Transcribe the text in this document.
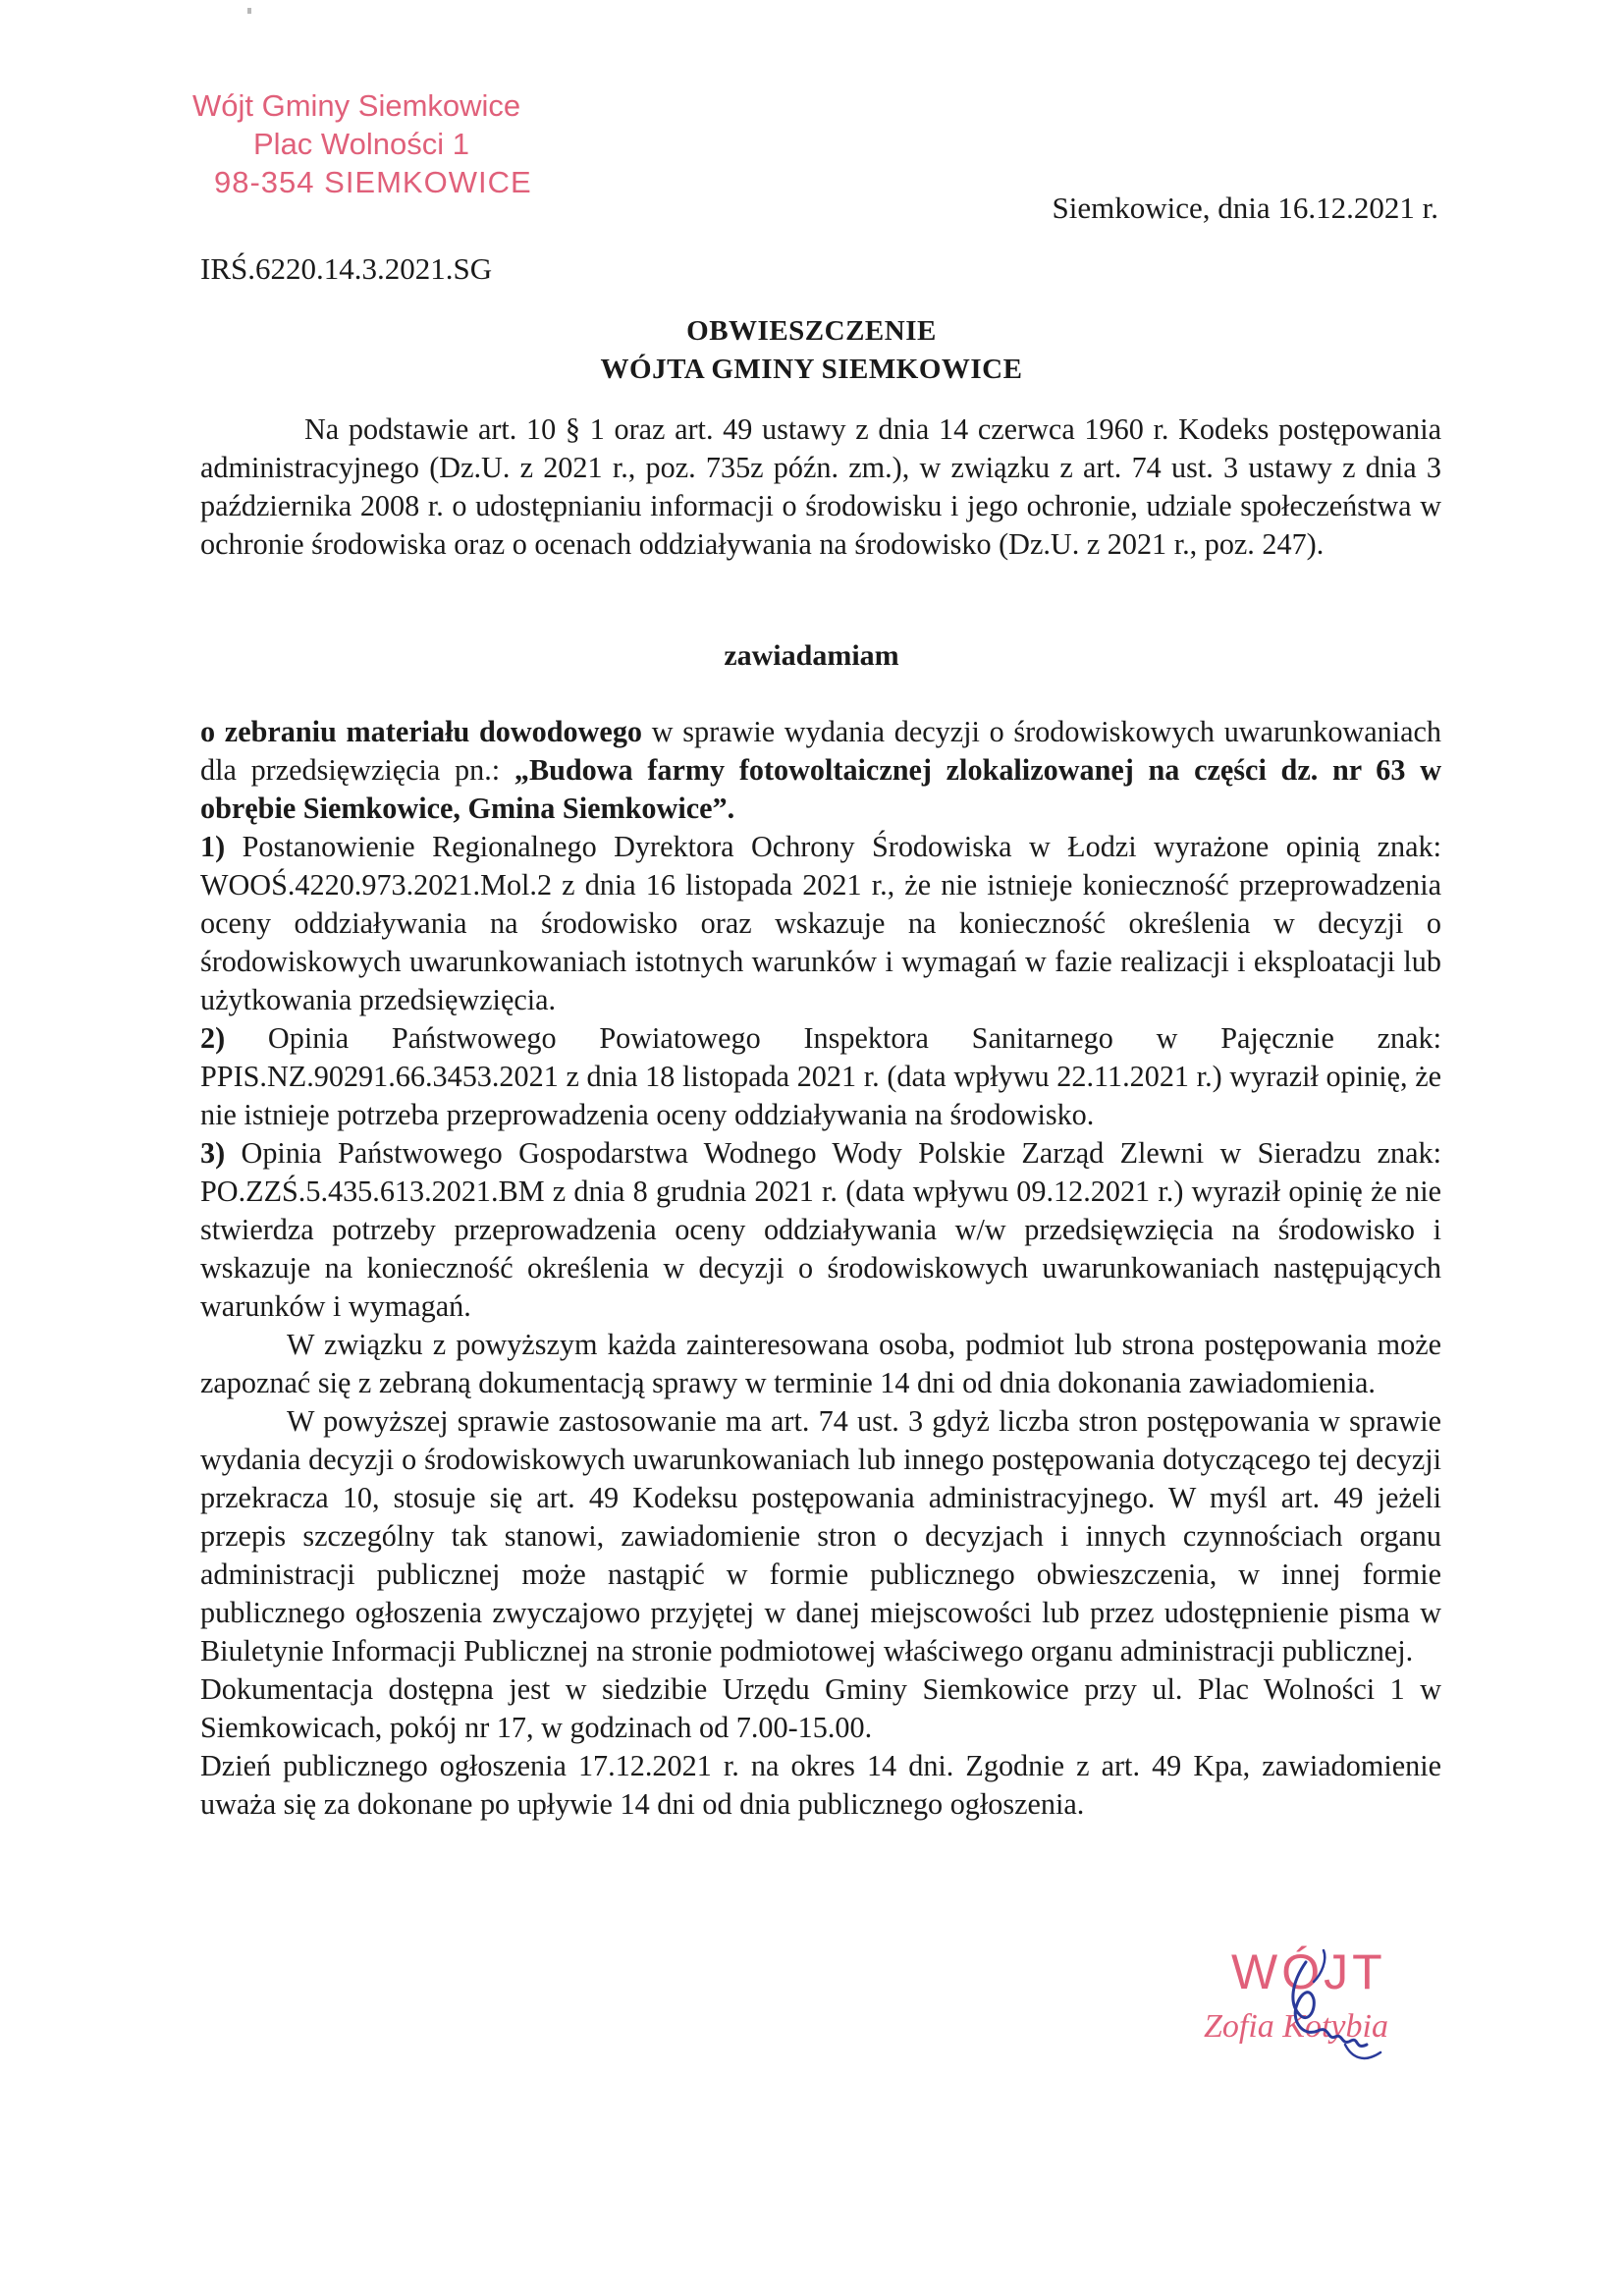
Wójt Gminy Siemkowice
Plac Wolności 1
98-354 SIEMKOWICE
Siemkowice, dnia 16.12.2021 r.
IRŚ.6220.14.3.2021.SG
OBWIESZCZENIE
WÓJTA GMINY SIEMKOWICE
Na podstawie art. 10 § 1 oraz art. 49 ustawy z dnia 14 czerwca 1960 r. Kodeks postępowania administracyjnego (Dz.U. z 2021 r., poz. 735z późn. zm.), w związku z art. 74 ust. 3 ustawy z dnia 3 października 2008 r. o udostępnianiu informacji o środowisku i jego ochronie, udziale społeczeństwa w ochronie środowiska oraz o ocenach oddziaływania na środowisko (Dz.U. z 2021 r., poz. 247).
zawiadamiam
o zebraniu materiału dowodowego w sprawie wydania decyzji o środowiskowych uwarunkowaniach dla przedsięwzięcia pn.: „Budowa farmy fotowoltaicznej zlokalizowanej na części dz. nr 63 w obrębie Siemkowice, Gmina Siemkowice”.

1) Postanowienie Regionalnego Dyrektora Ochrony Środowiska w Łodzi wyrażone opinią znak: WOOŚ.4220.973.2021.Mol.2 z dnia 16 listopada 2021 r., że nie istnieje konieczność przeprowadzenia oceny oddziaływania na środowisko oraz wskazuje na konieczność określenia w decyzji o środowiskowych uwarunkowaniach istotnych warunków i wymagań w fazie realizacji i eksploatacji lub użytkowania przedsięwzięcia.

2) Opinia Państwowego Powiatowego Inspektora Sanitarnego w Pajęcznie znak: PPIS.NZ.90291.66.3453.2021 z dnia 18 listopada 2021 r. (data wpływu 22.11.2021 r.) wyraził opinię, że nie istnieje potrzeba przeprowadzenia oceny oddziaływania na środowisko.

3) Opinia Państwowego Gospodarstwa Wodnego Wody Polskie Zarząd Zlewni w Sieradzu znak: PO.ZZŚ.5.435.613.2021.BM z dnia 8 grudnia 2021 r. (data wpływu 09.12.2021 r.) wyraził opinię że nie stwierdza potrzeby przeprowadzenia oceny oddziaływania w/w przedsięwzięcia na środowisko i wskazuje na konieczność określenia w decyzji o środowiskowych uwarunkowaniach następujących warunków i wymagań.

W związku z powyższym każda zainteresowana osoba, podmiot lub strona postępowania może zapoznać się z zebraną dokumentacją sprawy w terminie 14 dni od dnia dokonania zawiadomienia.

W powyższej sprawie zastosowanie ma art. 74 ust. 3 gdyż liczba stron postępowania w sprawie wydania decyzji o środowiskowych uwarunkowaniach lub innego postępowania dotyczącego tej decyzji przekracza 10, stosuje się art. 49 Kodeksu postępowania administracyjnego. W myśl art. 49 jeżeli przepis szczególny tak stanowi, zawiadomienie stron o decyzjach i innych czynnościach organu administracji publicznej może nastąpić w formie publicznego obwieszczenia, w innej formie publicznego ogłoszenia zwyczajowo przyjętej w danej miejscowości lub przez udostępnienie pisma w Biuletynie Informacji Publicznej na stronie podmiotowej właściwego organu administracji publicznej.

Dokumentacja dostępna jest w siedzibie Urzędu Gminy Siemkowice przy ul. Plac Wolności 1 w Siemkowicach, pokój nr 17, w godzinach od 7.00-15.00.

Dzień publicznego ogłoszenia 17.12.2021 r. na okres 14 dni. Zgodnie z art. 49 Kpa, zawiadomienie uważa się za dokonane po upływie 14 dni od dnia publicznego ogłoszenia.

WÓJT
Zofia Kotybia
